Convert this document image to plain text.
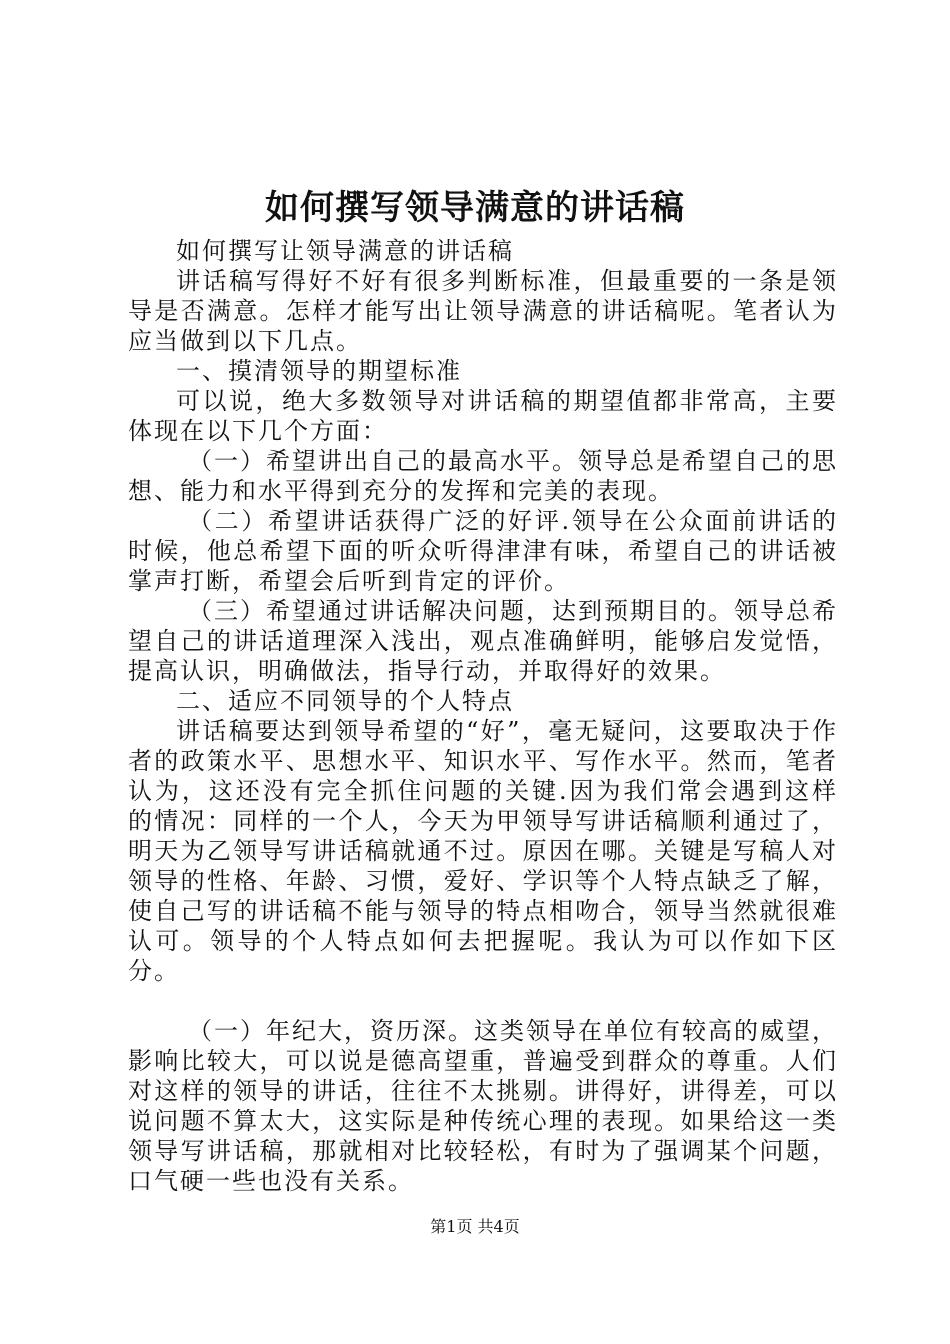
如何撰写领导满意的讲话稿

如何撰写让领导满意的讲话稿

讲话稿写得好不好有很多判断标准，但最重要的一条是领导是否满意。怎样才能写出让领导满意的讲话稿呢。笔者认为应当做到以下几点。

一、摸清领导的期望标准

可以说，绝大多数领导对讲话稿的期望值都非常高，主要体现在以下几个方面：

（一）希望讲出自己的最高水平。领导总是希望自己的思想、能力和水平得到充分的发挥和完美的表现。

（二）希望讲话获得广泛的好评.领导在公众面前讲话的时候，他总希望下面的听众听得津津有味，希望自己的讲话被掌声打断，希望会后听到肯定的评价。

（三）希望通过讲话解决问题，达到预期目的。领导总希望自己的讲话道理深入浅出，观点准确鲜明，能够启发觉悟，提高认识，明确做法，指导行动，并取得好的效果。

二、适应不同领导的个人特点

讲话稿要达到领导希望的“好”，毫无疑问，这要取决于作者的政策水平、思想水平、知识水平、写作水平。然而，笔者认为，这还没有完全抓住问题的关键.因为我们常会遇到这样的情况：同样的一个人，今天为甲领导写讲话稿顺利通过了，明天为乙领导写讲话稿就通不过。原因在哪。关键是写稿人对领导的性格、年龄、习惯，爱好、学识等个人特点缺乏了解，使自己写的讲话稿不能与领导的特点相吻合，领导当然就很难认可。领导的个人特点如何去把握呢。我认为可以作如下区分。

（一）年纪大，资历深。这类领导在单位有较高的威望，影响比较大，可以说是德高望重，普遍受到群众的尊重。人们对这样的领导的讲话，往往不太挑剔。讲得好，讲得差，可以说问题不算太大，这实际是种传统心理的表现。如果给这一类领导写讲话稿，那就相对比较轻松，有时为了强调某个问题，口气硬一些也没有关系。

第1页 共4页
